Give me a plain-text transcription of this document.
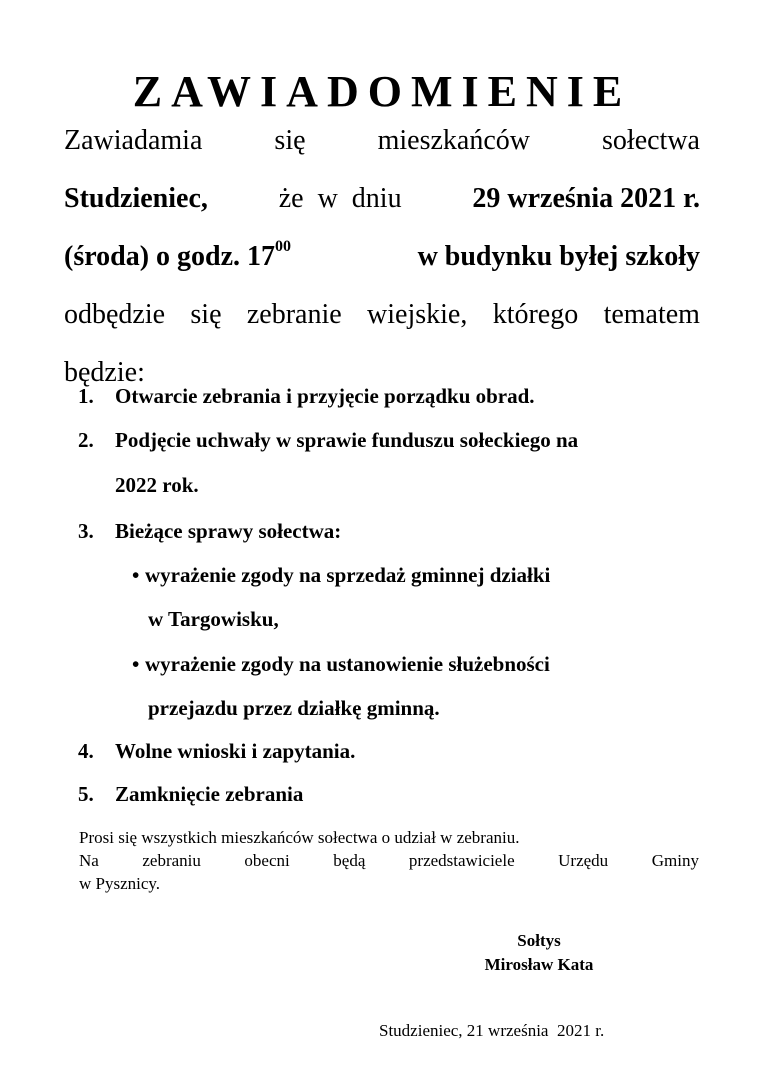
ZAWIADOMIENIE
Zawiadamia	się	mieszkańców	sołectwa
Studzieniec,	że w dniu	29 września 2021 r.
(środa) o godz. $17^{00}$	w budynku byłej szkoły
odbędzie się zebranie wiejskie, którego tematem
będzie:
1. Otwarcie zebrania i przyjęcie porządku obrad.
2. Podjęcie uchwały w sprawie funduszu sołeckiego na
2022 rok.
3. Bieżące sprawy sołectwa:
• wyrażenie zgody na sprzedaż gminnej działki
w Targowisku,
• wyrażenie zgody na ustanowienie służebności
przejazdu przez działkę gminną.
4. Wolne wnioski i zapytania.
5. Zamknięcie zebrania
Prosi się wszystkich mieszkańców sołectwa o udział w zebraniu.
Na	zebraniu	obecni	będą	przedstawiciele	Urzędu	Gminy
w Pysznicy.
Sołtys
Mirosław Kata
Studzieniec, 21 września  2021 r.
